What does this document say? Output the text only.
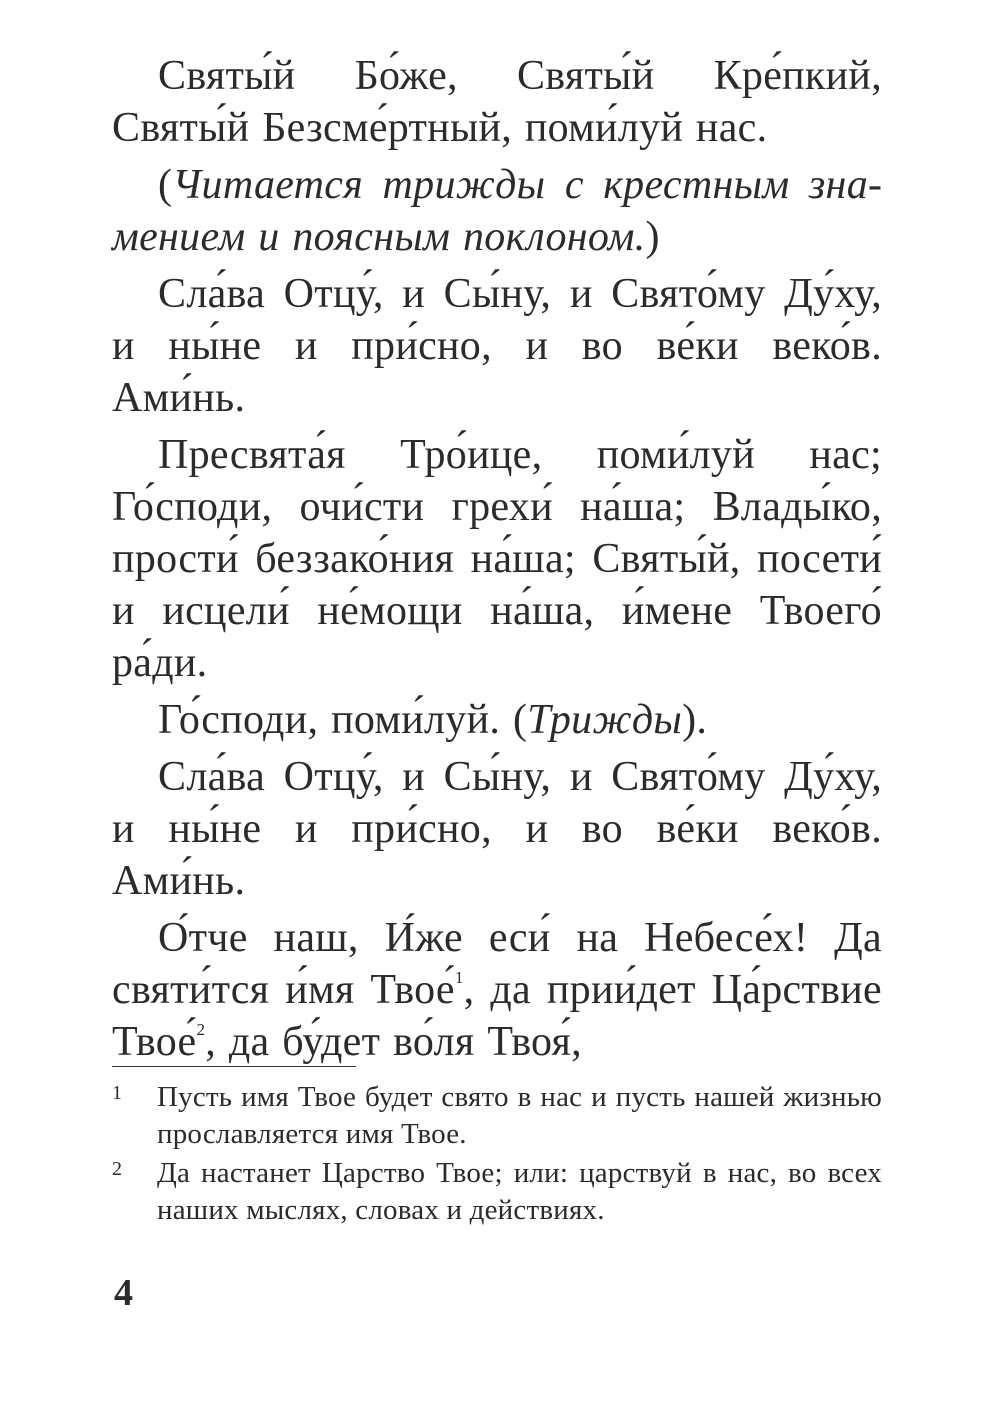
Святы́й Бо́же, Святы́й Кре́пкий, Святы́й Безсме́ртный, поми́луй нас.

(Читается трижды с крестным знамением и поясным поклоном.)

Сла́ва Отцу́, и Сы́ну, и Свято́му Ду́ху, и ны́не и при́сно, и во ве́ки веко́в. Ами́нь.

Пресвята́я Тро́ице, поми́луй нас; Го́споди, очи́сти грехи́ на́ша; Влады́ко, прости́ беззако́ния на́ша; Святы́й, посети́ и исцели́ не́мощи на́ша, и́мене Твоего́ ра́ди.

Го́споди, поми́луй. (Трижды).

Сла́ва Отцу́, и Сы́ну, и Свято́му Ду́ху, и ны́не и при́сно, и во ве́ки веко́в. Ами́нь.

О́тче наш, И́же еси́ на Небесе́х! Да святи́тся и́мя Твое́$^1$, да прии́дет Ца́рствие Твое́$^2$, да бу́дет во́ля Твоя́,

1	Пусть имя Твое будет свято в нас и пусть нашей жизнью прославляется имя Твое.
2	Да настанет Царство Твое; или: царствуй в нас, во всех наших мыслях, словах и действиях.
4
